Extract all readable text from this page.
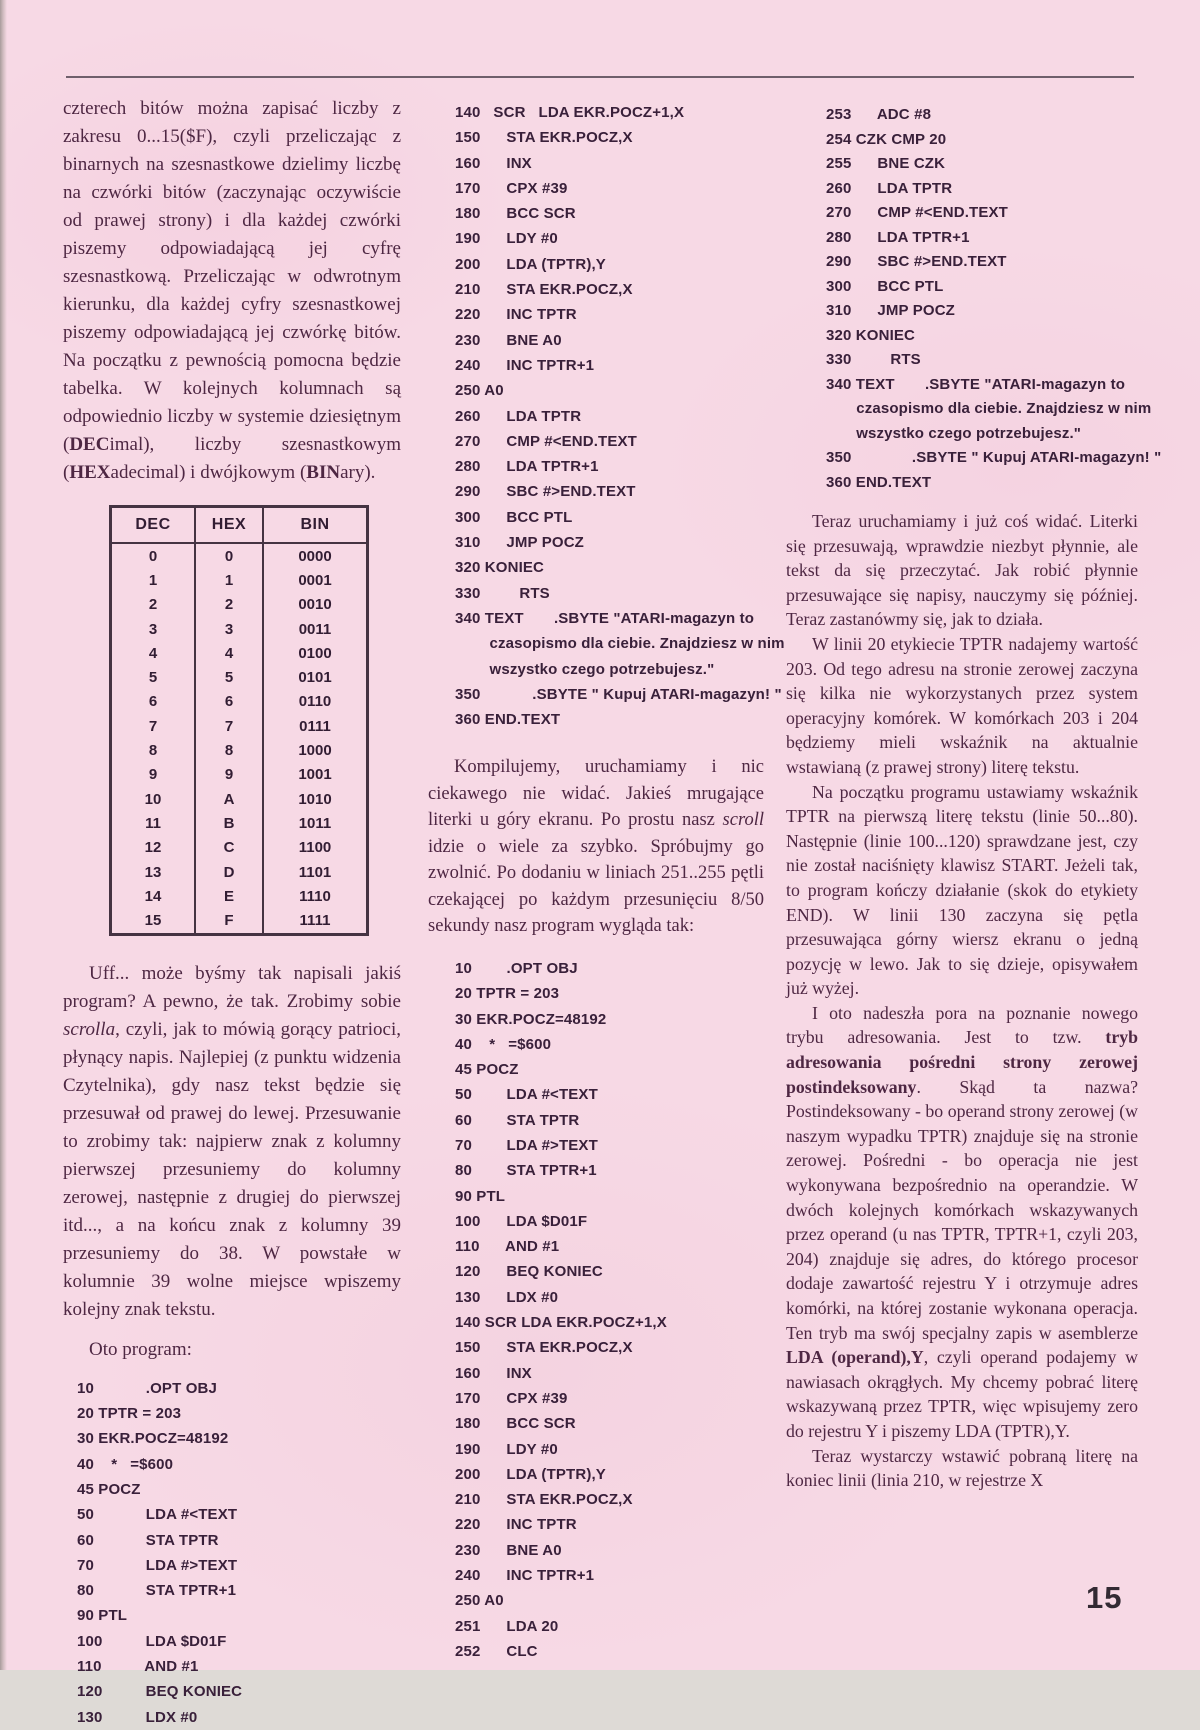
czterech bitów można zapisać liczby z zakresu 0...15($F), czyli przeliczając z binarnych na szesnastkowe dzielimy liczbę na czwórki bitów (zaczynając oczywiście od prawej strony) i dla każdej czwórki piszemy odpowiadającą jej cyfrę szesnastkową. Przeliczając w odwrotnym kierunku, dla każdej cyfry szesnastkowej piszemy odpowiadającą jej czwórkę bitów. Na początku z pewnością pomocna będzie tabelka. W kolejnych kolumnach są odpowiednio liczby w systemie dziesiętnym (DECimal), liczby szesnastkowym (HEXadecimal) i dwójkowym (BINary).

DEC	HEX	BIN
0	0	0000
1	1	0001
2	2	0010
3	3	0011
4	4	0100
5	5	0101
6	6	0110
7	7	0111
8	8	1000
9	9	1001
10	A	1010
11	B	1011
12	C	1100
13	D	1101
14	E	1110
15	F	1111

Uff... może byśmy tak napisali jakiś program? A pewno, że tak. Zrobimy sobie scrolla, czyli, jak to mówią gorący patrioci, płynący napis. Najlepiej (z punktu widzenia Czytelnika), gdy nasz tekst będzie się przesuwał od prawej do lewej. Przesuwanie to zrobimy tak: najpierw znak z kolumny pierwszej przesuniemy do kolumny zerowej, następnie z drugiej do pierwszej itd..., a na końcu znak z kolumny 39 przesuniemy do 38. W powstałe w kolumnie 39 wolne miejsce wpiszemy kolejny znak tekstu.

Oto program:

10            .OPT OBJ
20 TPTR = 203
30 EKR.POCZ=48192
40    *   =$600
45 POCZ
50            LDA #<TEXT
60            STA TPTR
70            LDA #>TEXT
80            STA TPTR+1
90 PTL
100          LDA $D01F
110          AND #1
120          BEQ KONIEC
130          LDX #0
140   SCR   LDA EKR.POCZ+1,X
150      STA EKR.POCZ,X
160      INX
170      CPX #39
180      BCC SCR
190      LDY #0
200      LDA (TPTR),Y
210      STA EKR.POCZ,X
220      INC TPTR
230      BNE A0
240      INC TPTR+1
250 A0
260      LDA TPTR
270      CMP #<END.TEXT
280      LDA TPTR+1
290      SBC #>END.TEXT
300      BCC PTL
310      JMP POCZ
320 KONIEC
330         RTS
340 TEXT       .SBYTE "ATARI-magazyn to
czasopismo dla ciebie. Znajdziesz w nim
wszystko czego potrzebujesz."
350            .SBYTE " Kupuj ATARI-magazyn! "
360 END.TEXT

Kompilujemy, uruchamiamy i nic ciekawego nie widać. Jakieś mrugające literki u góry ekranu. Po prostu nasz scroll idzie o wiele za szybko. Spróbujmy go zwolnić. Po dodaniu w liniach 251..255 pętli czekającej po każdym przesunięciu 8/50 sekundy nasz program wygląda tak:

10        .OPT OBJ
20 TPTR = 203
30 EKR.POCZ=48192
40    *   =$600
45 POCZ
50        LDA #<TEXT
60        STA TPTR
70        LDA #>TEXT
80        STA TPTR+1
90 PTL
100      LDA $D01F
110      AND #1
120      BEQ KONIEC
130      LDX #0
140 SCR LDA EKR.POCZ+1,X
150      STA EKR.POCZ,X
160      INX
170      CPX #39
180      BCC SCR
190      LDY #0
200      LDA (TPTR),Y
210      STA EKR.POCZ,X
220      INC TPTR
230      BNE A0
240      INC TPTR+1
250 A0
251      LDA 20
252      CLC
253      ADC #8
254 CZK CMP 20
255      BNE CZK
260      LDA TPTR
270      CMP #<END.TEXT
280      LDA TPTR+1
290      SBC #>END.TEXT
300      BCC PTL
310      JMP POCZ
320 KONIEC
330         RTS
340 TEXT       .SBYTE "ATARI-magazyn to
czasopismo dla ciebie. Znajdziesz w nim
wszystko czego potrzebujesz."
350              .SBYTE " Kupuj ATARI-magazyn! "
360 END.TEXT

Teraz uruchamiamy i już coś widać. Literki się przesuwają, wprawdzie niezbyt płynnie, ale tekst da się przeczytać. Jak robić płynnie przesuwające się napisy, nauczymy się później. Teraz zastanówmy się, jak to działa.

W linii 20 etykiecie TPTR nadajemy wartość 203. Od tego adresu na stronie zerowej zaczyna się kilka nie wykorzystanych przez system operacyjny komórek. W komórkach 203 i 204 będziemy mieli wskaźnik na aktualnie wstawianą (z prawej strony) literę tekstu.

Na początku programu ustawiamy wskaźnik TPTR na pierwszą literę tekstu (linie 50...80). Następnie (linie 100...120) sprawdzane jest, czy nie został naciśnięty klawisz START. Jeżeli tak, to program kończy działanie (skok do etykiety END). W linii 130 zaczyna się pętla przesuwająca górny wiersz ekranu o jedną pozycję w lewo. Jak to się dzieje, opisywałem już wyżej.

I oto nadeszła pora na poznanie nowego trybu adresowania. Jest to tzw. tryb adresowania pośredni strony zerowej postindeksowany. Skąd ta nazwa? Postindeksowany - bo operand strony zerowej (w naszym wypadku TPTR) znajduje się na stronie zerowej. Pośredni - bo operacja nie jest wykonywana bezpośrednio na operandzie. W dwóch kolejnych komórkach wskazywanych przez operand (u nas TPTR, TPTR+1, czyli 203, 204) znajduje się adres, do którego procesor dodaje zawartość rejestru Y i otrzymuje adres komórki, na której zostanie wykonana operacja. Ten tryb ma swój specjalny zapis w asemblerze LDA (operand),Y, czyli operand podajemy w nawiasach okrągłych. My chcemy pobrać literę wskazywaną przez TPTR, więc wpisujemy zero do rejestru Y i piszemy LDA (TPTR),Y.

Teraz wystarczy wstawić pobraną literę na koniec linii (linia 210, w rejestrze X

15
